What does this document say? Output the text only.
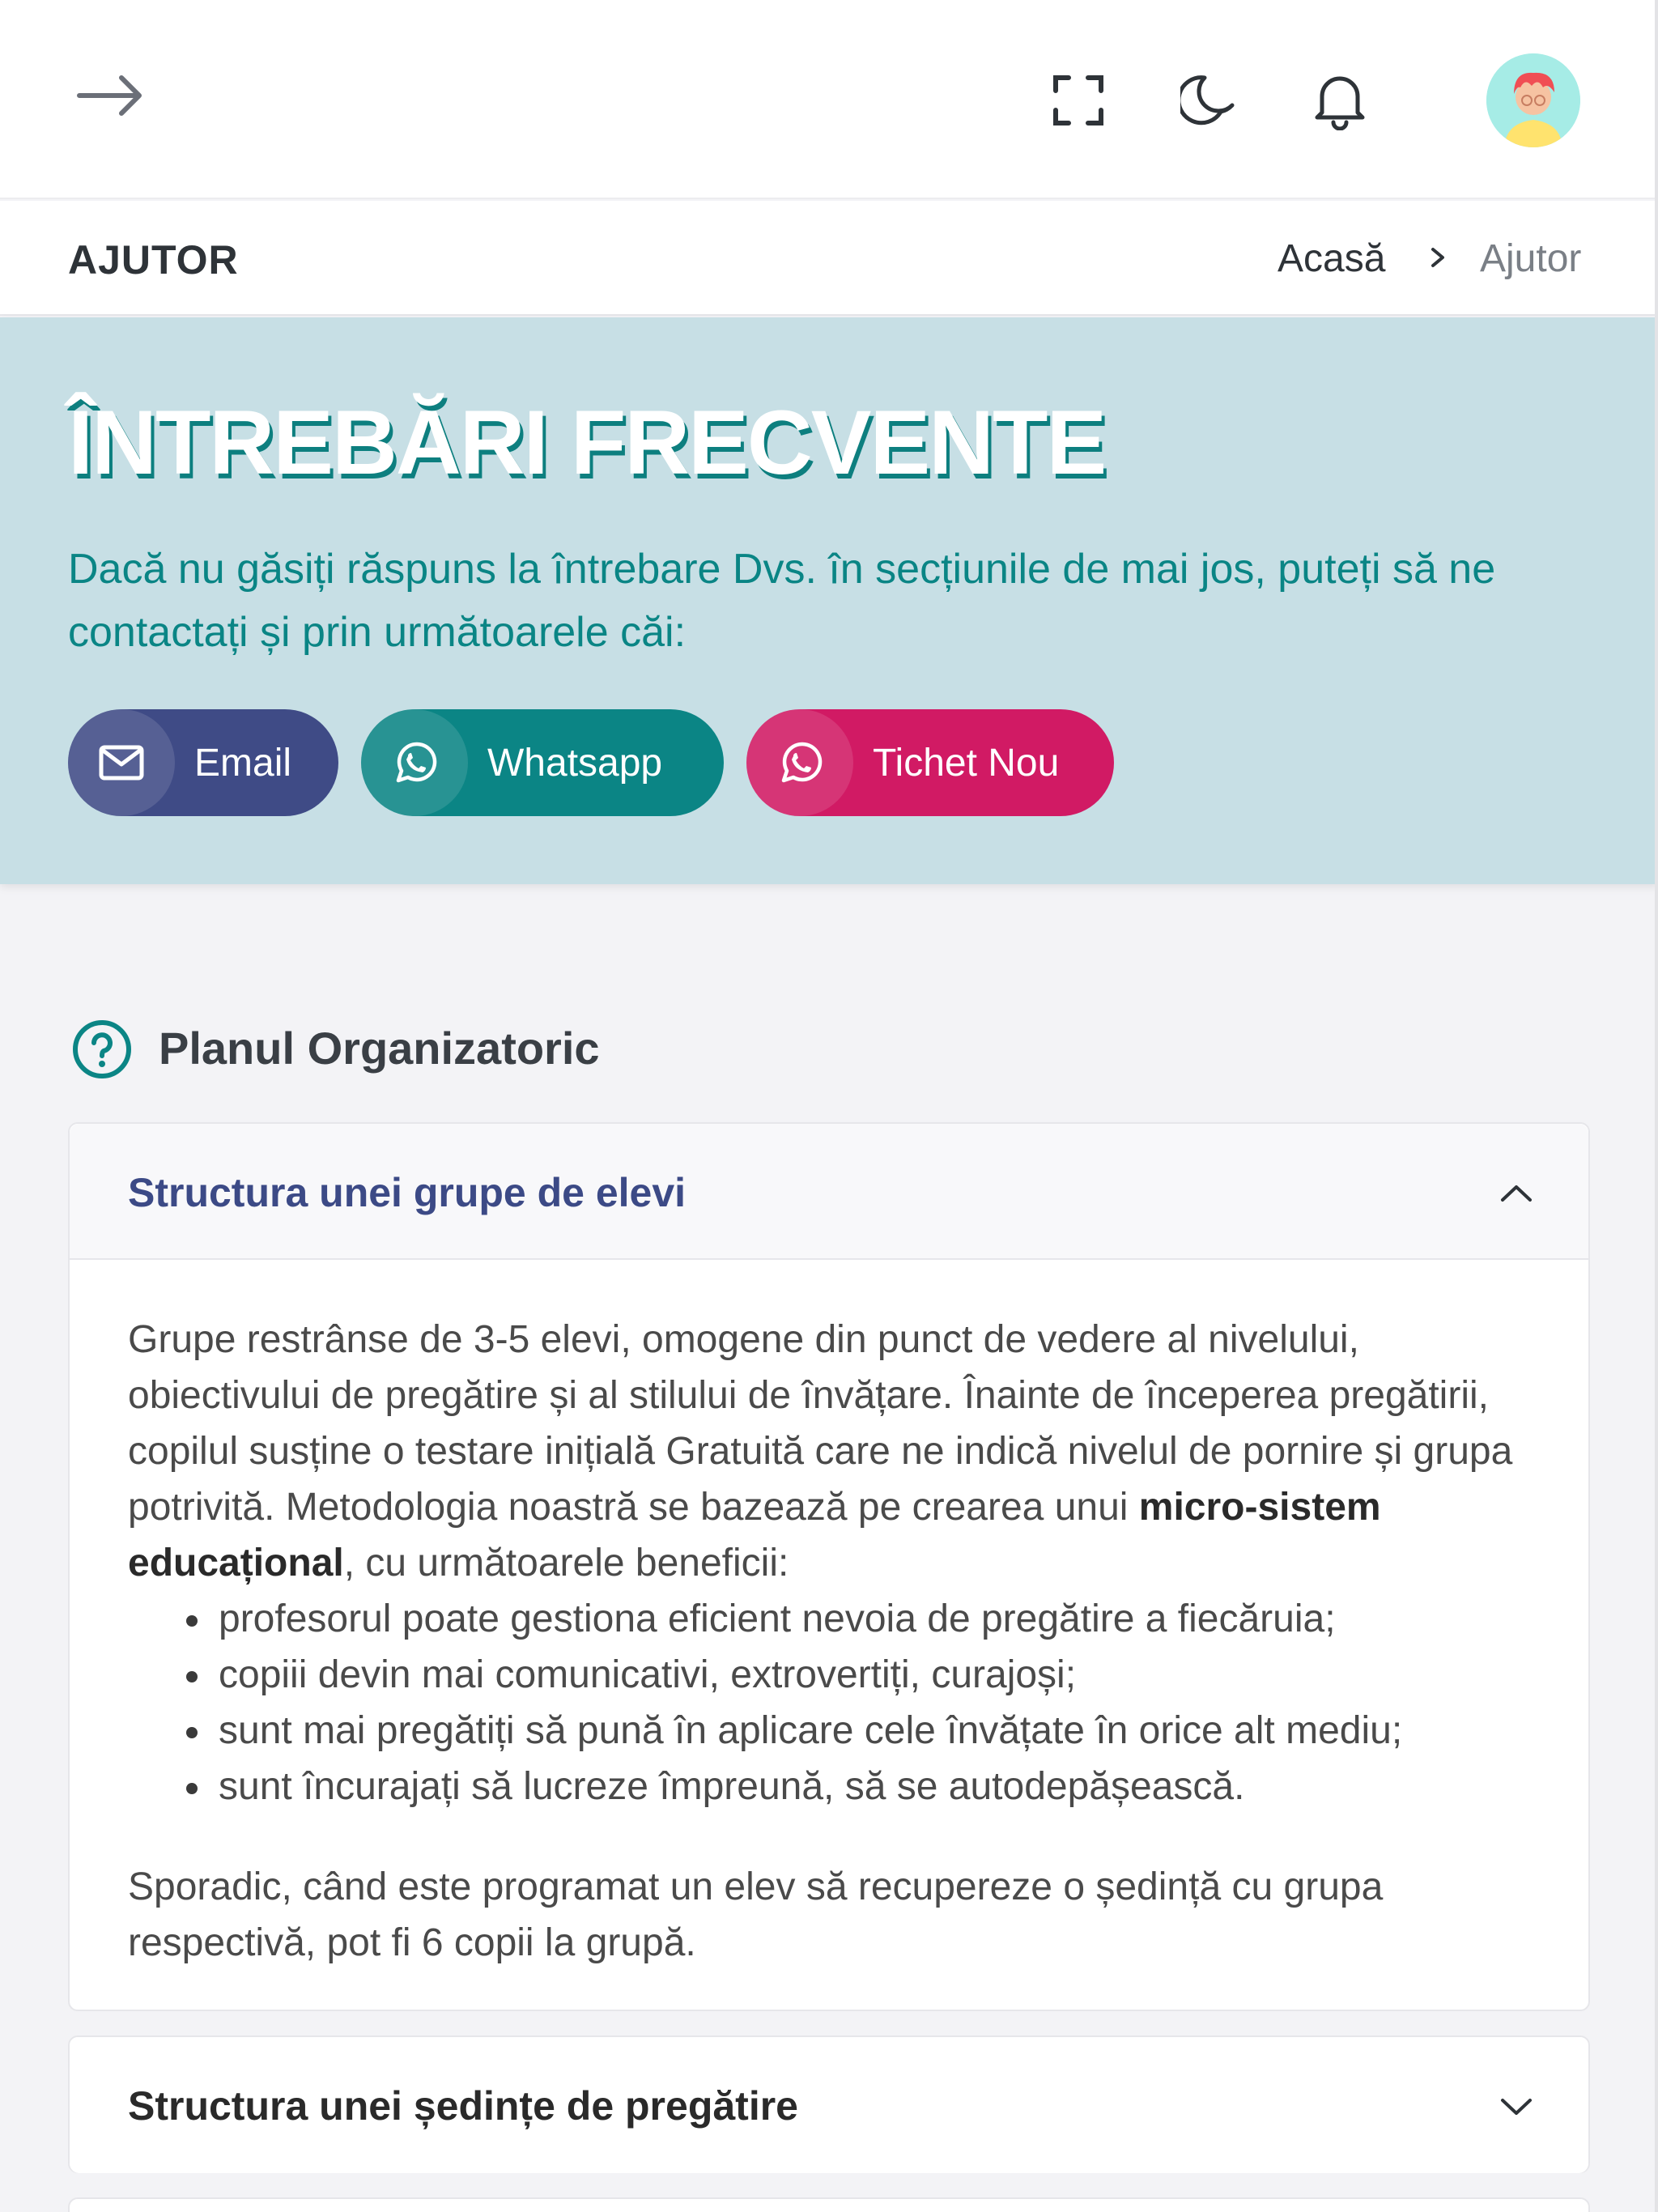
AJUTOR	Acasă Ajutor
ÎNTREBĂRI FRECVENTE
Dacă nu găsiți răspuns la întrebare Dvs. în secțiunile de mai jos, puteți să ne contactați și prin următoarele căi:
Email	Whatsapp	Tichet Nou
Planul Organizatoric
Structura unei grupe de elevi

Grupe restrânse de 3-5 elevi, omogene din punct de vedere al nivelului, obiectivului de pregătire și al stilului de învățare. Înainte de începerea pregătirii, copilul susține o testare inițială Gratuită care ne indică nivelul de pornire și grupa potrivită. Metodologia noastră se bazează pe crearea unui micro-sistem educațional, cu următoarele beneficii:

profesorul poate gestiona eficient nevoia de pregătire a fiecăruia;
copiii devin mai comunicativi, extrovertiți, curajoși;
sunt mai pregătiți să pună în aplicare cele învățate în orice alt mediu;
sunt încurajați să lucreze împreună, să se autodepășească.

Sporadic, când este programat un elev să recupereze o ședință cu grupa respectivă, pot fi 6 copii la grupă.

Structura unei ședințe de pregătire
